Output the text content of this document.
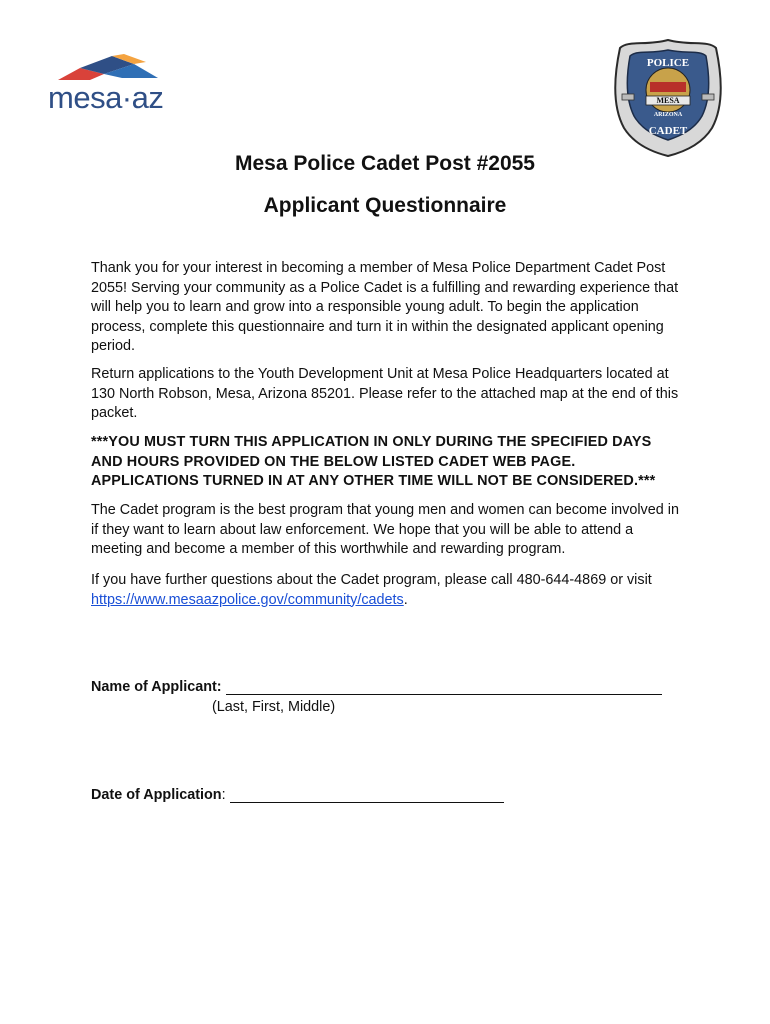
mesa·az
POLICE
MESA
ARIZONA
CADET
Mesa Police Cadet Post #2055
Applicant Questionnaire

Thank you for your interest in becoming a member of Mesa Police Department Cadet Post 2055! Serving your community as a Police Cadet is a fulfilling and rewarding experience that will help you to learn and grow into a responsible young adult. To begin the application process, complete this questionnaire and turn it in within the designated applicant opening period.

Return applications to the Youth Development Unit at Mesa Police Headquarters located at 130 North Robson, Mesa, Arizona 85201. Please refer to the attached map at the end of this packet.

***YOU MUST TURN THIS APPLICATION IN ONLY DURING THE SPECIFIED DAYS AND HOURS PROVIDED ON THE BELOW LISTED CADET WEB PAGE. APPLICATIONS TURNED IN AT ANY OTHER TIME WILL NOT BE CONSIDERED.***

The Cadet program is the best program that young men and women can become involved in if they want to learn about law enforcement. We hope that you will be able to attend a meeting and become a member of this worthwhile and rewarding program.

If you have further questions about the Cadet program, please call 480-644-4869 or visit https://www.mesaazpolice.gov/community/cadets.

Name of Applicant:
(Last, First, Middle)
Date of Application:
